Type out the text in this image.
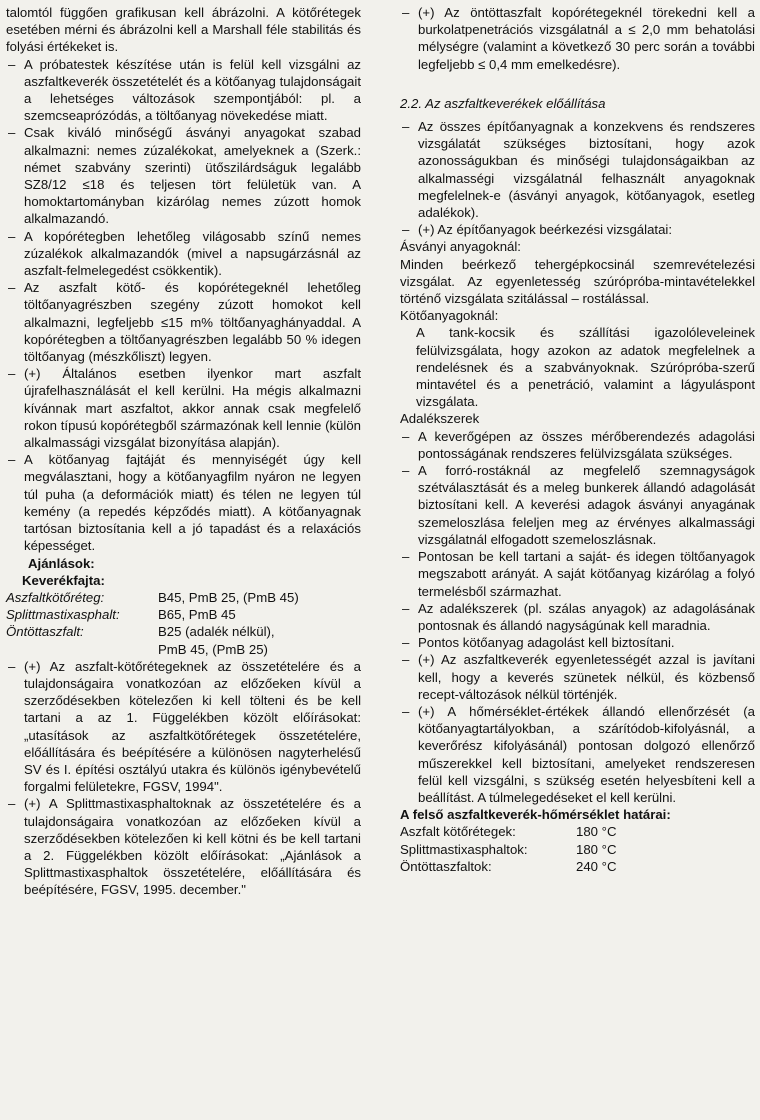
talomtól függően grafikusan kell ábrázolni. A kötőrétegek esetében mérni és ábrázolni kell a Marshall féle stabilitás és folyási értékeket is.

– A próbatestek készítése után is felül kell vizsgálni az aszfaltkeverék összetételét és a kötőanyag tulajdonságait a lehetséges változások szempontjából: pl. a szemcseaprózódás, a töltőanyag növekedése miatt.

– Csak kiváló minőségű ásványi anyagokat szabad alkalmazni: nemes zúzalékokat, amelyeknek a (Szerk.: német szabvány szerinti) ütőszilárdságuk legalább SZ8/12 ≤18 és teljesen tört felületük van. A homoktartományban kizárólag nemes zúzott homok alkalmazandó.

– A kopórétegben lehetőleg világosabb színű nemes zúzalékok alkalmazandók (mivel a napsugárzásnál az aszfalt-felmelegedést csökkentik).

– Az aszfalt kötő- és kopórétegeknél lehetőleg töltőanyagrészben szegény zúzott homokot kell alkalmazni, legfeljebb ≤15 m% töltőanyaghányaddal. A kopórétegben a töltőanyagrészben legalább 50 % idegen töltőanyag (mészkőliszt) legyen.

– (+) Általános esetben ilyenkor mart aszfalt újrafelhasználását el kell kerülni. Ha mégis alkalmazni kívánnak mart aszfaltot, akkor annak csak megfelelő rokon típusú kopórétegből származónak kell lennie (külön alkalmassági vizsgálat bizonyítása alapján).

– A kötőanyag fajtáját és mennyiségét úgy kell megválasztani, hogy a kötőanyagfilm nyáron ne legyen túl puha (a deformációk miatt) és télen ne legyen túl kemény (a repedés képződés miatt). A kötőanyagnak tartósan biztosítania kell a jó tapadást és a relaxációs képességet.

Ajánlások:

Keverékfajta:

Aszfaltkötőréteg:	B45, PmB 25, (PmB 45)
Splittmastixasphalt:	B65, PmB 45
Öntöttaszfalt:	B25 (adalék nélkül),
PmB 45, (PmB 25)

– (+) Az aszfalt-kötőrétegeknek az összetételére és a tulajdonságaira vonatkozóan az előzőeken kívül a szerződésekben kötelezően ki kell tölteni és be kell tartani a az 1. Függelékben közölt előírásokat: „utasítások az aszfaltkötőrétegek összetételére, előállítására és beépítésére a különösen nagyterhelésű SV és I. építési osztályú utakra és különös igénybevételű forgalmi felületekre, FGSV, 1994".

– (+) A Splittmastixasphaltoknak az összetételére és a tulajdonságaira vonatkozóan az előzőeken kívül a szerződésekben kötelezően ki kell kötni és be kell tartani a 2. Függelékben közölt előírásokat: „Ajánlások a Splittmastixasphaltok összetételére, előállítására és beépítésére, FGSV, 1995. december."

– (+) Az öntöttaszfalt kopórétegeknél törekedni kell a burkolatpenetrációs vizsgálatnál a ≤ 2,0 mm behatolási mélységre (valamint a következő 30 perc során a további legfeljebb ≤ 0,4 mm emelkedésre).

2.2. Az aszfaltkeverékek előállítása

– Az összes építőanyagnak a konzekvens és rendszeres vizsgálatát szükséges biztosítani, hogy azok azonosságukban és minőségi tulajdonságaikban az alkalmasségi vizsgálatnál felhasznált anyagoknak megfelelnek-e (ásványi anyagok, kötőanyagok, esetleg adalékok).

– (+) Az építőanyagok beérkezési vizsgálatai:

Ásványi anyagoknál:

Minden beérkező tehergépkocsinál szemrevételezési vizsgálat. Az egyenletesség szúrópróba-mintavételekkel történő vizsgálata szitálással – rostálással.

Kötőanyagoknál:

A tank-kocsik és szállítási igazolóleveleinek felülvizsgálata, hogy azokon az adatok megfelelnek a rendelésnek és a szabványoknak. Szúrópróba-szerű mintavétel és a penetráció, valamint a lágyuláspont vizsgálata.

Adalékszerek

– A keverőgépen az összes mérőberendezés adagolási pontosságának rendszeres felülvizsgálata szükséges.

– A forró-rostáknál az megfelelő szemnagyságok szétválasztását és a meleg bunkerek állandó adagolását biztosítani kell. A keverési adagok ásványi anyagának szemeloszlása feleljen meg az érvényes alkalmassági vizsgálatnál elfogadott szemeloszlásnak.

– Pontosan be kell tartani a saját- és idegen töltőanyagok megszabott arányát. A saját kötőanyag kizárólag a folyó termelésből származhat.

– Az adalékszerek (pl. szálas anyagok) az adagolásának pontosnak és állandó nagyságúnak kell maradnia.

– Pontos kötőanyag adagolást kell biztosítani.

– (+) Az aszfaltkeverék egyenletességét azzal is javítani kell, hogy a keverés szünetek nélkül, és közbenső recept-változások nélkül történjék.

– (+) A hőmérséklet-értékek állandó ellenőrzését (a kötőanyagtartályokban, a szárítódob-kifolyásnál, a keverőrész kifolyásánál) pontosan dolgozó ellenőrző műszerekkel kell biztosítani, amelyeket rendszeresen felül kell vizsgálni, s szükség esetén helyesbíteni kell a beállítást. A túlmelegedéseket el kell kerülni.

A felső aszfaltkeverék-hőmérséklet határai:

Aszfalt kötőrétegek:	180 °C
Splittmastixasphaltok:	180 °C
Öntöttaszfaltok:	240 °C
